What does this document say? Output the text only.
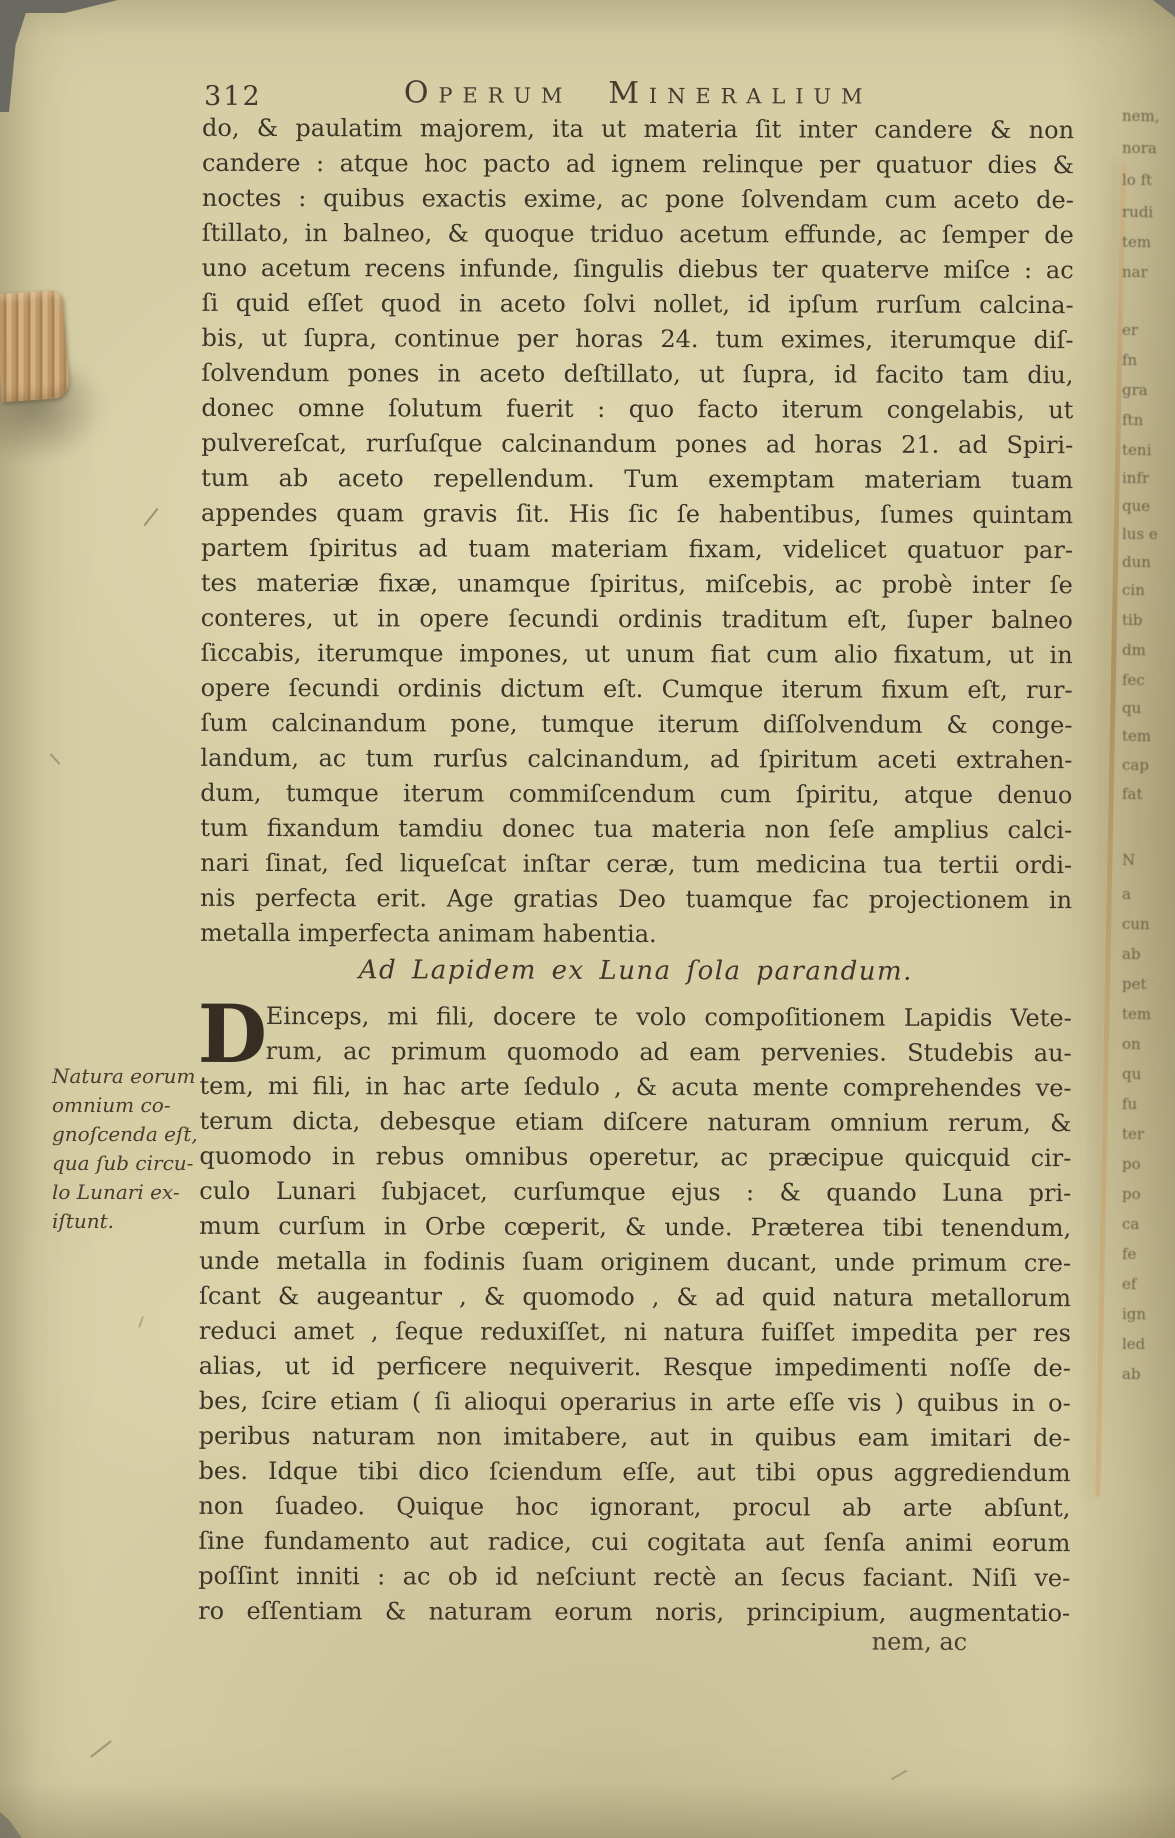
312	Operum Mineralium
do, & paulatim majorem, ita ut materia ſit inter candere & non
candere : atque hoc pacto ad ignem relinque per quatuor dies &
noctes : quibus exactis exime, ac pone ſolvendam cum aceto de-
ſtillato, in balneo, & quoque triduo acetum effunde, ac ſemper de
uno acetum recens infunde, ſingulis diebus ter quaterve miſce : ac
ſi quid eſſet quod in aceto ſolvi nollet, id ipſum rurſum calcina-
bis, ut ſupra, continue per horas 24. tum eximes, iterumque diſ-
ſolvendum pones in aceto deſtillato, ut ſupra, id facito tam diu,
donec omne ſolutum fuerit : quo facto iterum congelabis, ut
pulvereſcat, rurſuſque calcinandum pones ad horas 21. ad Spiri-
tum ab aceto repellendum. Tum exemptam materiam tuam
appendes quam gravis ſit. His ſic ſe habentibus, ſumes quintam
partem ſpiritus ad tuam materiam fixam, videlicet quatuor par-
tes materiæ fixæ, unamque ſpiritus, miſcebis, ac probè inter ſe
conteres, ut in opere ſecundi ordinis traditum eſt, ſuper balneo
ſiccabis, iterumque impones, ut unum fiat cum alio fixatum, ut in
opere ſecundi ordinis dictum eſt. Cumque iterum fixum eſt, rur-
ſum calcinandum pone, tumque iterum diſſolvendum & conge-
landum, ac tum rurſus calcinandum, ad ſpiritum aceti extrahen-
dum, tumque iterum commiſcendum cum ſpiritu, atque denuo
tum fixandum tamdiu donec tua materia non ſeſe amplius calci-
nari ſinat, ſed liqueſcat inſtar ceræ, tum medicina tua tertii ordi-
nis perfecta erit. Age gratias Deo tuamque fac projectionem in
metalla imperfecta animam habentia.
Ad Lapidem ex Luna ſola parandum.
D
Einceps, mi fili, docere te volo compoſitionem Lapidis Vete-
rum, ac primum quomodo ad eam pervenies. Studebis au-
tem, mi fili, in hac arte ſedulo , & acuta mente comprehendes ve-
terum dicta, debesque etiam diſcere naturam omnium rerum, &
quomodo in rebus omnibus operetur, ac præcipue quicquid cir-
culo Lunari ſubjacet, curſumque ejus : & quando Luna pri-
mum curſum in Orbe cœperit, & unde. Præterea tibi tenendum,
unde metalla in fodinis ſuam originem ducant, unde primum cre-
ſcant & augeantur , & quomodo , & ad quid natura metallorum
reduci amet , ſeque reduxiſſet, ni natura fuiſſet impedita per res
alias, ut id perficere nequiverit. Resque impedimenti noſſe de-
bes, ſcire etiam ( ſi alioqui operarius in arte eſſe vis ) quibus in o-
peribus naturam non imitabere, aut in quibus eam imitari de-
bes. Idque tibi dico ſciendum eſſe, aut tibi opus aggrediendum
non ſuadeo. Quique hoc ignorant, procul ab arte abſunt,
ſine fundamento aut radice, cui cogitata aut ſenſa animi eorum
poſſint inniti : ac ob id neſciunt rectè an ſecus faciant. Niſi ve-
ro eſſentiam & naturam eorum noris, principium, augmentatio-
nem, ac
Natura eorum
omnium co-
gnoſcenda eſt,
qua ſub circu-
lo Lunari ex-
iſtunt.
nem,
nora
lo ft
rudi
tem
nar
er
fn
gra
ftn
teni
infr
que
lus e
dun
cin
tib
dm
fec
qu
tem
cap
fat
N
a
cun
ab
pet
tem
on
qu
fu
ter
po
po
ca
fe
ef
ign
led
ab
